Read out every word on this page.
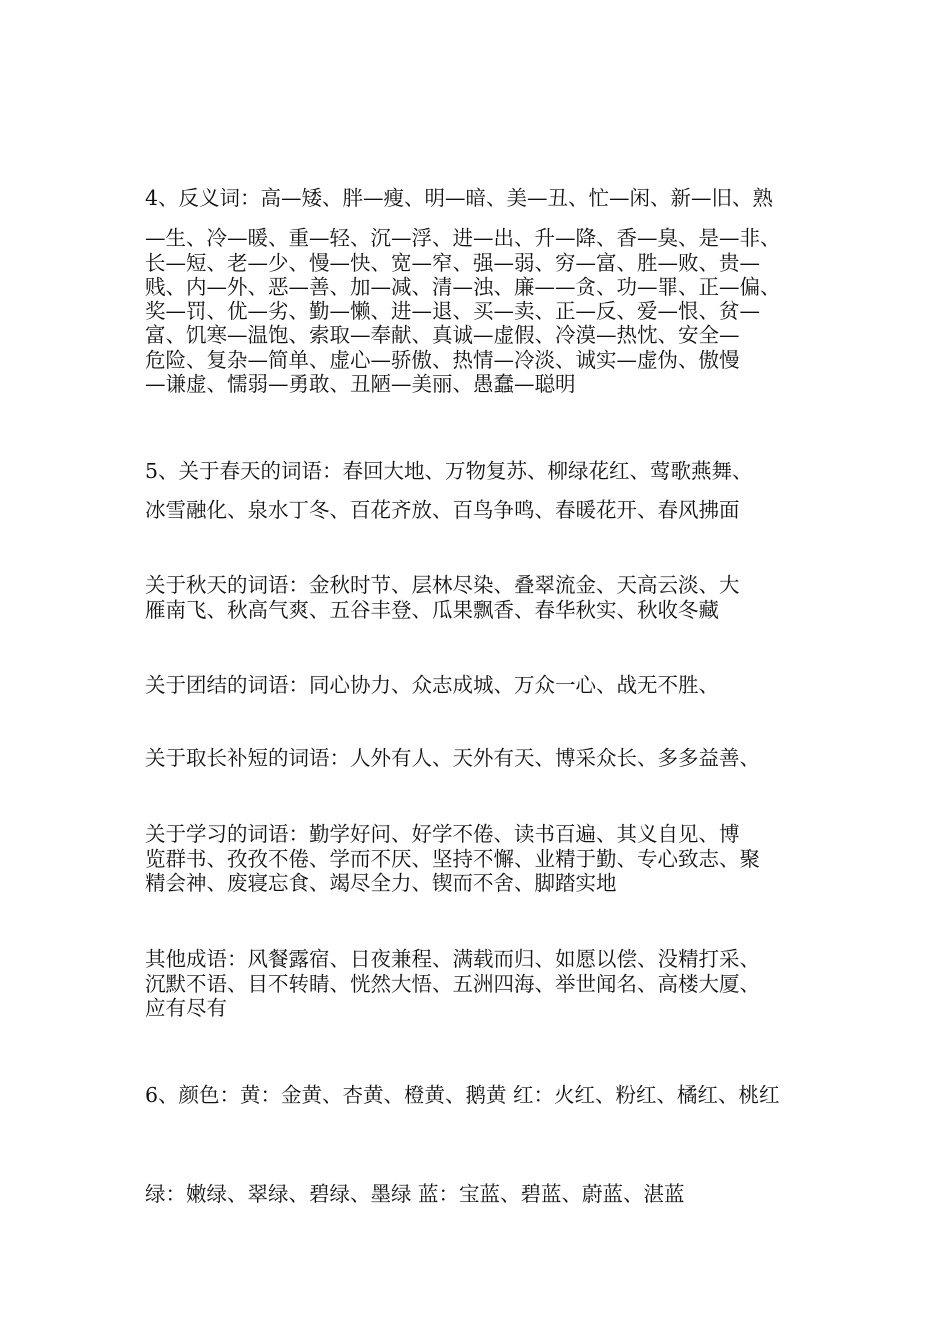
4、反义词：高—矮、胖—瘦、明—暗、美—丑、忙—闲、新—旧、熟

—生、冷—暖、重—轻、沉—浮、进—出、升—降、香—臭、是—非、

长—短、老—少、慢—快、宽—窄、强—弱、穷—富、胜—败、贵—

贱、内—外、恶—善、加—减、清—浊、廉——贪、功—罪、正—偏、

奖—罚、优—劣、勤—懒、进—退、买—卖、正—反、爱—恨、贫—

富、饥寒—温饱、索取—奉献、真诚—虚假、冷漠—热忱、安全—

危险、复杂—简单、虚心—骄傲、热情—冷淡、诚实—虚伪、傲慢

—谦虚、懦弱—勇敢、丑陋—美丽、愚蠢—聪明

5、关于春天的词语：春回大地、万物复苏、柳绿花红、莺歌燕舞、

冰雪融化、泉水丁冬、百花齐放、百鸟争鸣、春暖花开、春风拂面

关于秋天的词语：金秋时节、层林尽染、叠翠流金、天高云淡、大

雁南飞、秋高气爽、五谷丰登、瓜果飘香、春华秋实、秋收冬藏

关于团结的词语：同心协力、众志成城、万众一心、战无不胜、

关于取长补短的词语：人外有人、天外有天、博采众长、多多益善、

关于学习的词语：勤学好问、好学不倦、读书百遍、其义自见、博

览群书、孜孜不倦、学而不厌、坚持不懈、业精于勤、专心致志、聚

精会神、废寝忘食、竭尽全力、锲而不舍、脚踏实地

其他成语：风餐露宿、日夜兼程、满载而归、如愿以偿、没精打采、

沉默不语、目不转睛、恍然大悟、五洲四海、举世闻名、高楼大厦、

应有尽有

6、颜色：黄：金黄、杏黄、橙黄、鹅黄 红：火红、粉红、橘红、桃红

绿：嫩绿、翠绿、碧绿、墨绿 蓝：宝蓝、碧蓝、蔚蓝、湛蓝
